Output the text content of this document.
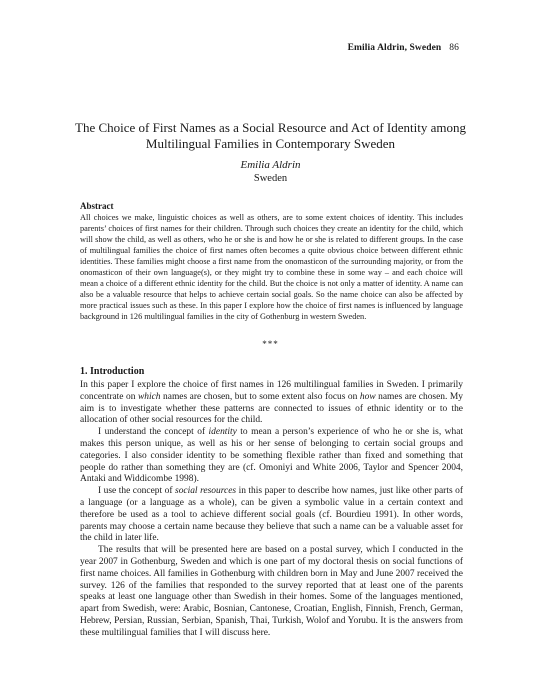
Emilia Aldrin, Sweden 86
The Choice of First Names as a Social Resource and Act of Identity among
Multilingual Families in Contemporary Sweden
Emilia Aldrin
Sweden
Abstract

All choices we make, linguistic choices as well as others, are to some extent choices of identity. This includes parents’ choices of first names for their children. Through such choices they create an identity for the child, which will show the child, as well as others, who he or she is and how he or she is related to different groups. In the case of multilingual families the choice of first names often becomes a quite obvious choice between different ethnic identities. These families might choose a first name from the onomasticon of the surrounding majority, or from the onomasticon of their own language(s), or they might try to combine these in some way – and each choice will mean a choice of a different ethnic identity for the child. But the choice is not only a matter of identity. A name can also be a valuable resource that helps to achieve certain social goals. So the name choice can also be affected by more practical issues such as these. In this paper I explore how the choice of first names is influenced by language background in 126 multilingual families in the city of Gothenburg in western Sweden.

***
1. Introduction

In this paper I explore the choice of first names in 126 multilingual families in Sweden. I primarily concentrate on which names are chosen, but to some extent also focus on how names are chosen. My aim is to investigate whether these patterns are connected to issues of ethnic identity or to the allocation of other social resources for the child.

I understand the concept of identity to mean a person’s experience of who he or she is, what makes this person unique, as well as his or her sense of belonging to certain social groups and categories. I also consider identity to be something flexible rather than fixed and something that people do rather than something they are (cf. Omoniyi and White 2006, Taylor and Spencer 2004, Antaki and Widdicombe 1998).

I use the concept of social resources in this paper to describe how names, just like other parts of a language (or a language as a whole), can be given a symbolic value in a certain context and therefore be used as a tool to achieve different social goals (cf. Bourdieu 1991). In other words, parents may choose a certain name because they believe that such a name can be a valuable asset for the child in later life.

The results that will be presented here are based on a postal survey, which I conducted in the year 2007 in Gothenburg, Sweden and which is one part of my doctoral thesis on social functions of first name choices. All families in Gothenburg with children born in May and June 2007 received the survey. 126 of the families that responded to the survey reported that at least one of the parents speaks at least one language other than Swedish in their homes. Some of the languages mentioned, apart from Swedish, were: Arabic, Bosnian, Cantonese, Croatian, English, Finnish, French, German, Hebrew, Persian, Russian, Serbian, Spanish, Thai, Turkish, Wolof and Yorubu. It is the answers from these multilingual families that I will discuss here.
